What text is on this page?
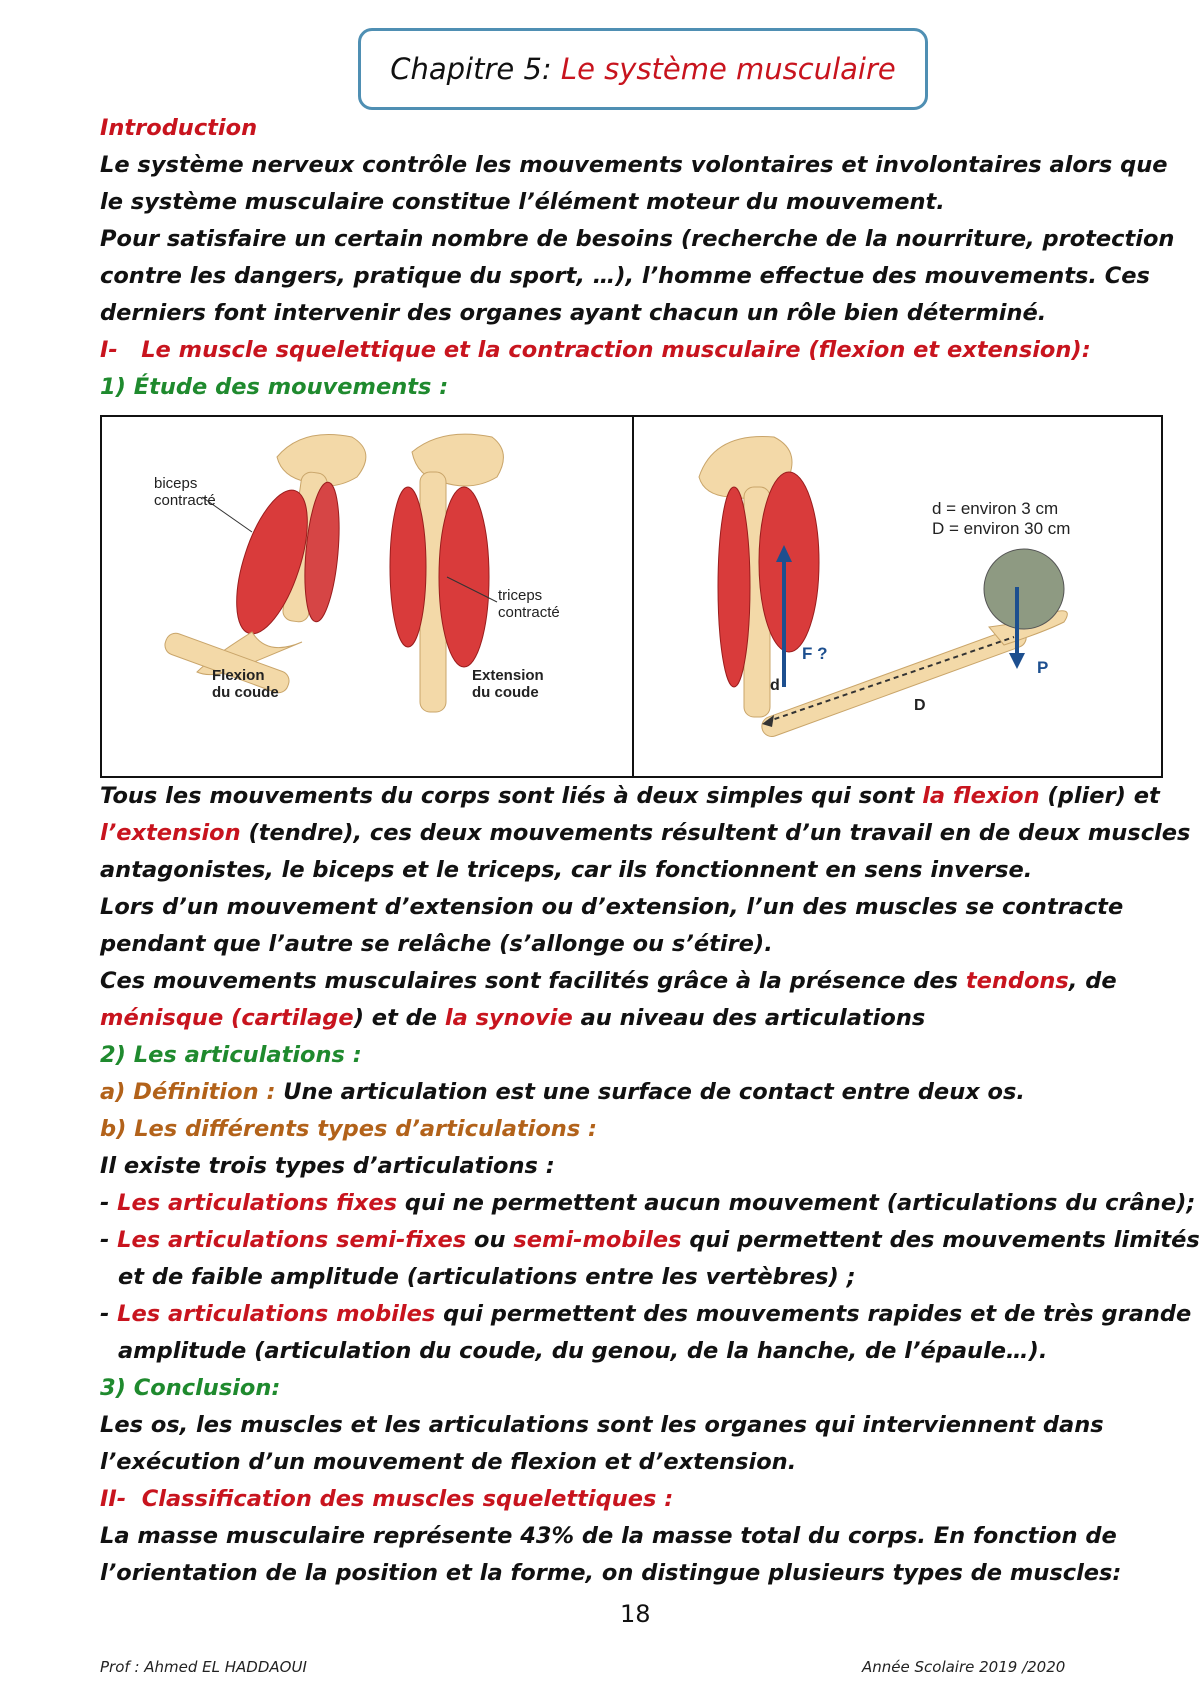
Chapitre 5: Le système musculaire
Introduction
Le système nerveux contrôle les mouvements volontaires et involontaires alors que
le système musculaire constitue l’élément moteur du mouvement.
Pour satisfaire un certain nombre de besoins (recherche de la nourriture, protection
contre les dangers, pratique du sport, …), l’homme effectue des mouvements. Ces
derniers font intervenir des organes ayant chacun un rôle bien déterminé.
I- Le muscle squelettique et la contraction musculaire (flexion et extension):
1) Étude des mouvements :
biceps
contracté
triceps
contracté
Flexion
du coude
Extension
du coude
d = environ 3 cm
D = environ 30 cm
F ?
P
d
D
Tous les mouvements du corps sont liés à deux simples qui sont la flexion (plier) et
l’extension (tendre), ces deux mouvements résultent d’un travail en de deux muscles
antagonistes, le biceps et le triceps, car ils fonctionnent en sens inverse.
Lors d’un mouvement d’extension ou d’extension, l’un des muscles se contracte
pendant que l’autre se relâche (s’allonge ou s’étire).
Ces mouvements musculaires sont facilités grâce à la présence des tendons, de
ménisque (cartilage) et de la synovie au niveau des articulations
2) Les articulations :
a) Définition : Une articulation est une surface de contact entre deux os.
b) Les différents types d’articulations :
Il existe trois types d’articulations :
- Les articulations fixes qui ne permettent aucun mouvement (articulations du crâne);
- Les articulations semi-fixes ou semi-mobiles qui permettent des mouvements limités
et de faible amplitude (articulations entre les vertèbres) ;
- Les articulations mobiles qui permettent des mouvements rapides et de très grande
amplitude (articulation du coude, du genou, de la hanche, de l’épaule…).
3) Conclusion:
Les os, les muscles et les articulations sont les organes qui interviennent dans
l’exécution d’un mouvement de flexion et d’extension.
II- Classification des muscles squelettiques :
La masse musculaire représente 43% de la masse total du corps. En fonction de
l’orientation de la position et la forme, on distingue plusieurs types de muscles:
18
Prof : Ahmed EL HADDAOUI	Année Scolaire 2019 /2020
